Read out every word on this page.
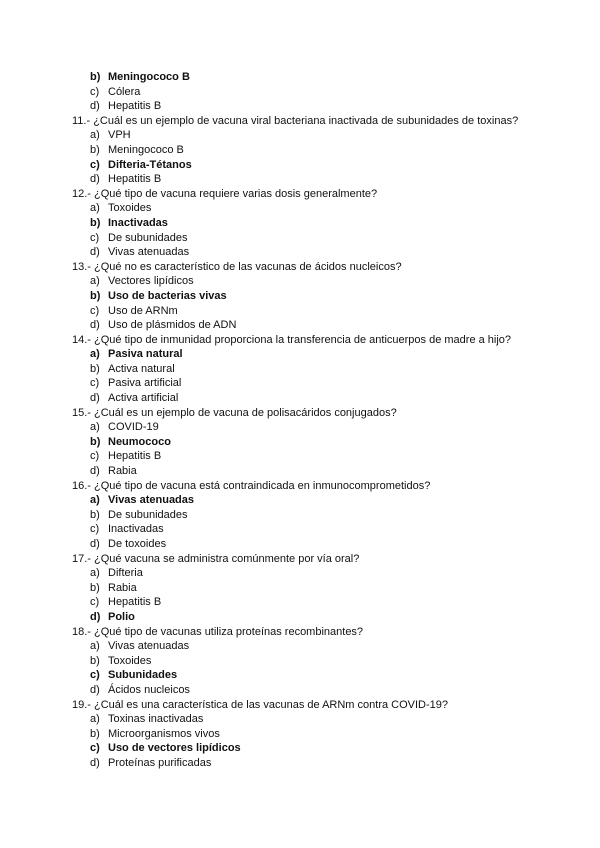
b) Meningococo B
c) Cólera
d) Hepatitis B
11.- ¿Cuál es un ejemplo de vacuna viral bacteriana inactivada de subunidades de toxinas?
a) VPH
b) Meningococo B
c) Difteria-Tétanos
d) Hepatitis B
12.- ¿Qué tipo de vacuna requiere varias dosis generalmente?
a) Toxoides
b) Inactivadas
c) De subunidades
d) Vivas atenuadas
13.- ¿Qué no es característico de las vacunas de ácidos nucleicos?
a) Vectores lipídicos
b) Uso de bacterias vivas
c) Uso de ARNm
d) Uso de plásmidos de ADN
14.- ¿Qué tipo de inmunidad proporciona la transferencia de anticuerpos de madre a hijo?
a) Pasiva natural
b) Activa natural
c) Pasiva artificial
d) Activa artificial
15.- ¿Cuál es un ejemplo de vacuna de polisacáridos conjugados?
a) COVID-19
b) Neumococo
c) Hepatitis B
d) Rabia
16.- ¿Qué tipo de vacuna está contraindicada en inmunocomprometidos?
a) Vivas atenuadas
b) De subunidades
c) Inactivadas
d) De toxoides
17.- ¿Qué vacuna se administra comúnmente por vía oral?
a) Difteria
b) Rabia
c) Hepatitis B
d) Polio
18.- ¿Qué tipo de vacunas utiliza proteínas recombinantes?
a) Vivas atenuadas
b) Toxoides
c) Subunidades
d) Ácidos nucleicos
19.- ¿Cuál es una característica de las vacunas de ARNm contra COVID-19?
a) Toxinas inactivadas
b) Microorganismos vivos
c) Uso de vectores lipídicos
d) Proteínas purificadas
